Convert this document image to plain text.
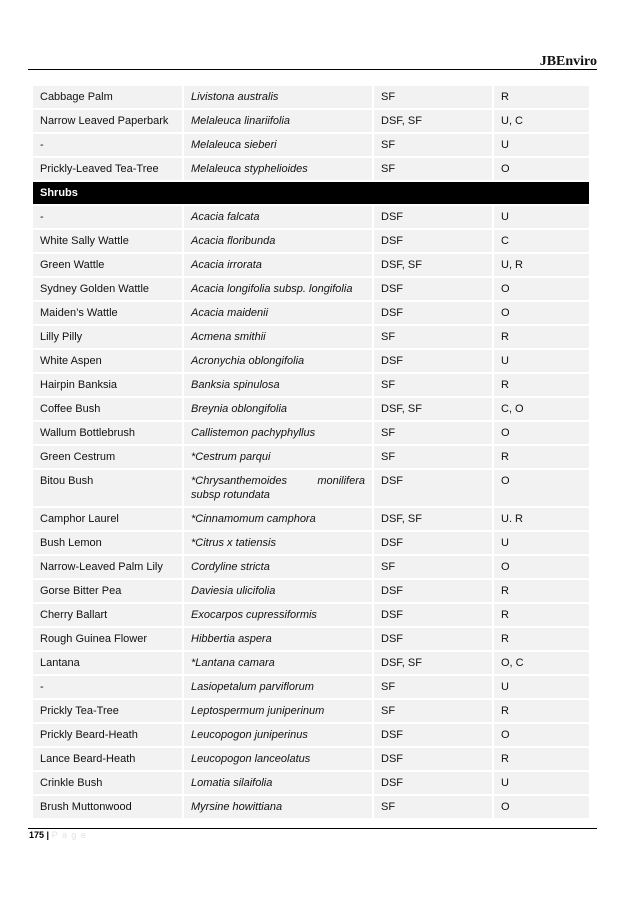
JBEnviro
Cabbage Palm	Livistona australis	SF	R
Narrow Leaved Paperbark	Melaleuca linariifolia	DSF, SF	U, C
-	Melaleuca sieberi	SF	U
Prickly-Leaved Tea-Tree	Melaleuca styphelioides	SF	O
Shrubs			
-	Acacia falcata	DSF	U
White Sally Wattle	Acacia floribunda	DSF	C
Green Wattle	Acacia irrorata	DSF, SF	U, R
Sydney Golden Wattle	Acacia longifolia subsp. longifolia	DSF	O
Maiden’s Wattle	Acacia maidenii	DSF	O
Lilly Pilly	Acmena smithii	SF	R
White Aspen	Acronychia oblongifolia	DSF	U
Hairpin Banksia	Banksia spinulosa	SF	R
Coffee Bush	Breynia oblongifolia	DSF, SF	C, O
Wallum Bottlebrush	Callistemon pachyphyllus	SF	O
Green Cestrum	*Cestrum parqui	SF	R
Bitou Bush	*Chrysanthemoides monilifera subsp rotundata	DSF	O
Camphor Laurel	*Cinnamomum camphora	DSF, SF	U. R
Bush Lemon	*Citrus x tatiensis	DSF	U
Narrow-Leaved Palm Lily	Cordyline stricta	SF	O
Gorse Bitter Pea	Daviesia ulicifolia	DSF	R
Cherry Ballart	Exocarpos cupressiformis	DSF	R
Rough Guinea Flower	Hibbertia aspera	DSF	R
Lantana	*Lantana camara	DSF, SF	O, C
-	Lasiopetalum parviflorum	SF	U
Prickly Tea-Tree	Leptospermum juniperinum	SF	R
Prickly Beard-Heath	Leucopogon juniperinus	DSF	O
Lance Beard-Heath	Leucopogon lanceolatus	DSF	R
Crinkle Bush	Lomatia silaifolia	DSF	U
Brush Muttonwood	Myrsine howittiana	SF	O
175 | P a g e
